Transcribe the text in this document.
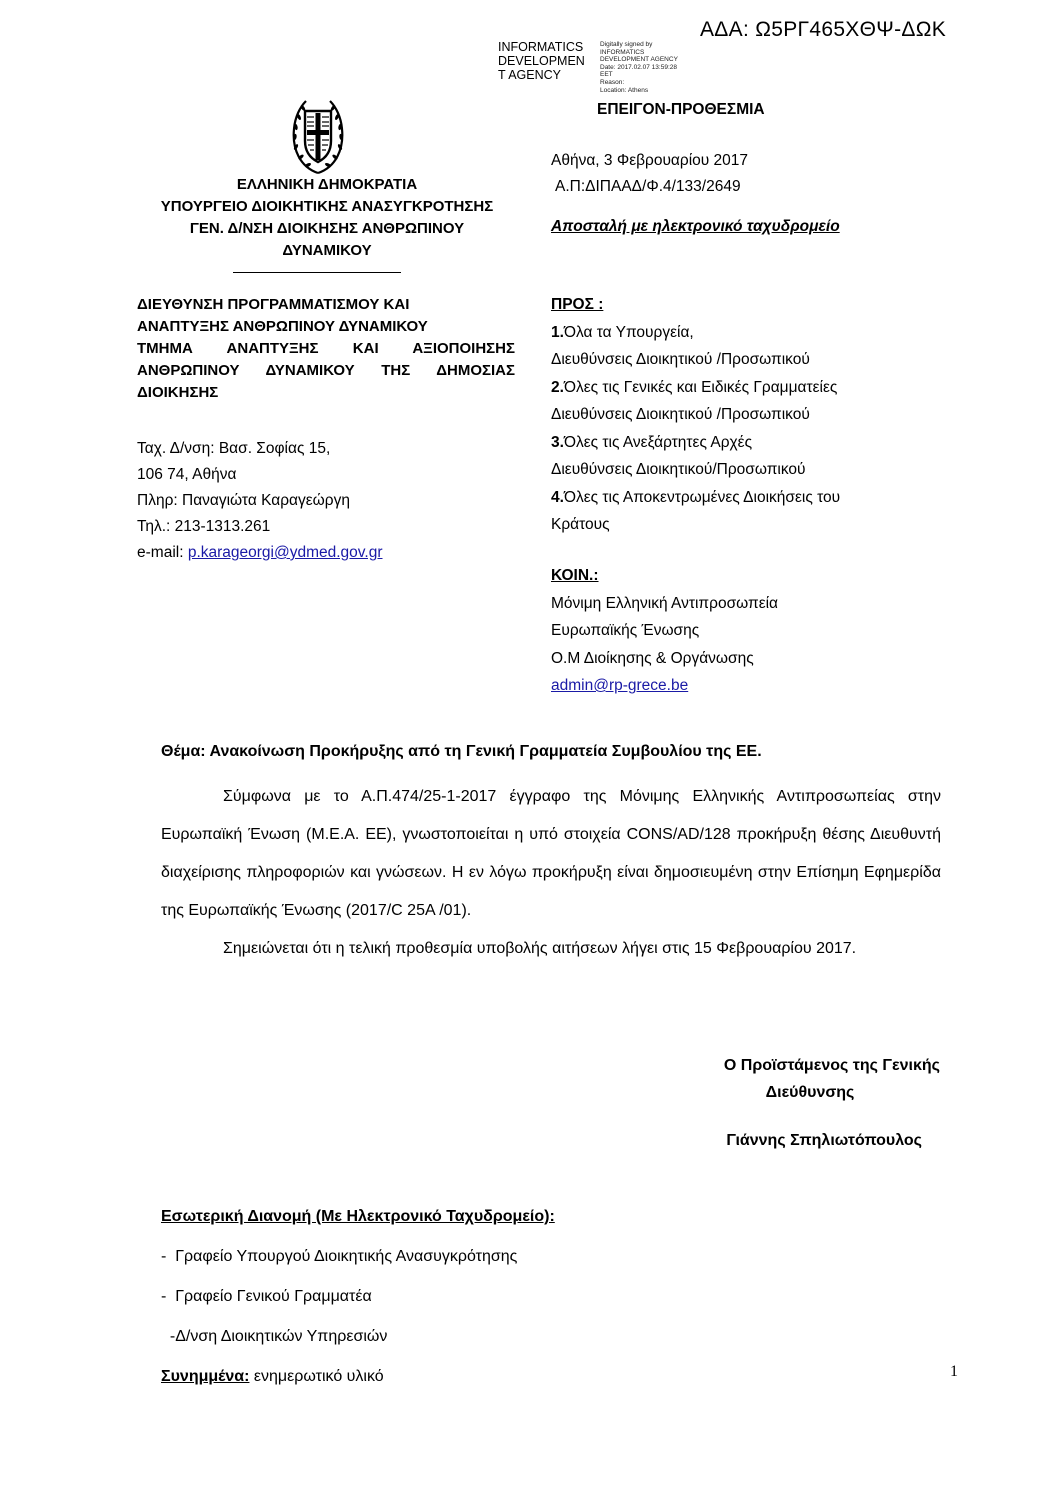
ΑΔΑ: Ω5ΡΓ465ΧΘΨ-ΔΩΚ
INFORMATICS
DEVELOPMEN
T AGENCY
Digitally signed by
INFORMATICS
DEVELOPMENT AGENCY
Date: 2017.02.07 13:59:28
EET
Reason:
Location: Athens
ΕΠΕΙΓΟΝ-ΠΡΟΘΕΣΜΙΑ
ΕΛΛΗΝΙΚΗ ΔΗΜΟΚΡΑΤΙΑ
ΥΠΟΥΡΓΕΙΟ ΔΙΟΙΚΗΤΙΚΗΣ ΑΝΑΣΥΓΚΡΟΤΗΣΗΣ
ΓΕΝ. Δ/ΝΣΗ ΔΙΟΙΚΗΣΗΣ ΑΝΘΡΩΠΙΝΟΥ
ΔΥΝΑΜΙΚΟΥ
ΔΙΕΥΘΥΝΣΗ ΠΡΟΓΡΑΜΜΑΤΙΣΜΟΥ ΚΑΙ
ΑΝΑΠΤΥΞΗΣ ΑΝΘΡΩΠΙΝΟΥ ΔΥΝΑΜΙΚΟΥ
ΤΜΗΜΑ ΑΝΑΠΤΥΞΗΣ ΚΑΙ ΑΞΙΟΠΟΙΗΣΗΣ
ΑΝΘΡΩΠΙΝΟΥ ΔΥΝΑΜΙΚΟΥ ΤΗΣ ΔΗΜΟΣΙΑΣ
ΔΙΟΙΚΗΣΗΣ
Ταχ. Δ/νση: Βασ. Σοφίας 15,
106 74, Αθήνα
Πληρ: Παναγιώτα Καραγεώργη
Τηλ.: 213-1313.261
e-mail: p.karageorgi@ydmed.gov.gr
Αθήνα, 3 Φεβρουαρίου 2017
Α.Π:ΔΙΠΑΑΔ/Φ.4/133/2649
Αποσταλή με ηλεκτρονικό ταχυδρομείο
ΠΡΟΣ :
1.Όλα τα Υπουργεία,
Διευθύνσεις Διοικητικού /Προσωπικού
2.Όλες τις Γενικές και Ειδικές Γραμματείες
Διευθύνσεις Διοικητικού /Προσωπικού
3.Όλες τις Ανεξάρτητες Αρχές
Διευθύνσεις Διοικητικού/Προσωπικού
4.Όλες τις Αποκεντρωμένες Διοικήσεις του
Κράτους
ΚΟΙΝ.:
Μόνιμη Ελληνική Αντιπροσωπεία
Ευρωπαϊκής Ένωσης
Ο.Μ Διοίκησης & Οργάνωσης
admin@rp-grece.be
Θέμα: Ανακοίνωση Προκήρυξης από τη Γενική Γραμματεία Συμβουλίου της ΕΕ.

Σύμφωνα με το Α.Π.474/25-1-2017 έγγραφο της Μόνιμης Ελληνικής Αντιπροσωπείας στην Ευρωπαϊκή Ένωση (Μ.Ε.Α. ΕΕ), γνωστοποιείται η υπό στοιχεία CONS/AD/128 προκήρυξη θέσης Διευθυντή διαχείρισης πληροφοριών και γνώσεων. Η εν λόγω προκήρυξη είναι δημοσιευμένη στην Επίσημη Εφημερίδα της Ευρωπαϊκής Ένωσης (2017/C 25A /01).

Σημειώνεται ότι η τελική προθεσμία υποβολής αιτήσεων λήγει στις 15 Φεβρουαρίου 2017.

Ο Προϊστάμενος της Γενικής
Διεύθυνσης
Γιάννης Σπηλιωτόπουλος
Εσωτερική Διανομή (Με Ηλεκτρονικό Ταχυδρομείο):
-  Γραφείο Υπουργού Διοικητικής Ανασυγκρότησης
-  Γραφείο Γενικού Γραμματέα
-Δ/νση Διοικητικών Υπηρεσιών
Συνημμένα: ενημερωτικό υλικό	1
